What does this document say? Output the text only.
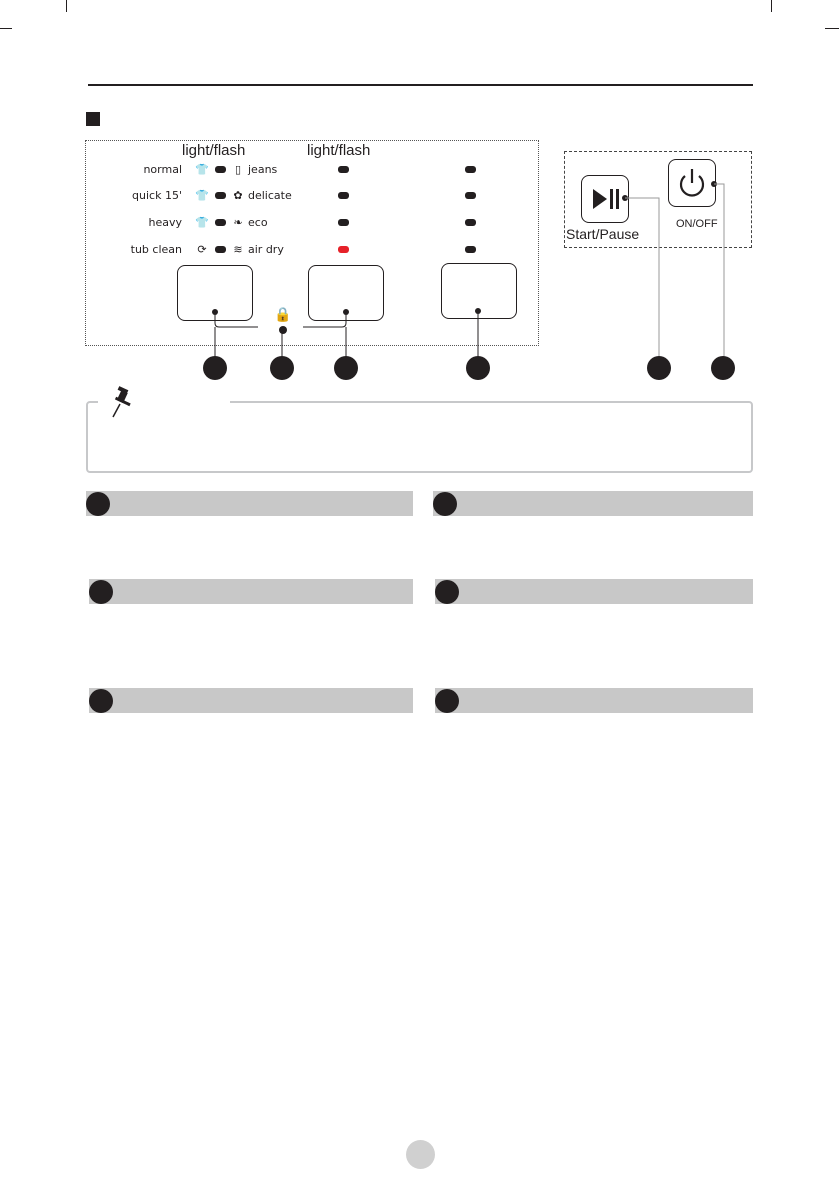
light/flash	light/flash
normal
quick 15'
heavy
tub clean
👕
👕
👕
⟳
▯
✿
❧
≋
jeans
delicate
eco
air dry
🔒
Start/Pause
ON/OFF
